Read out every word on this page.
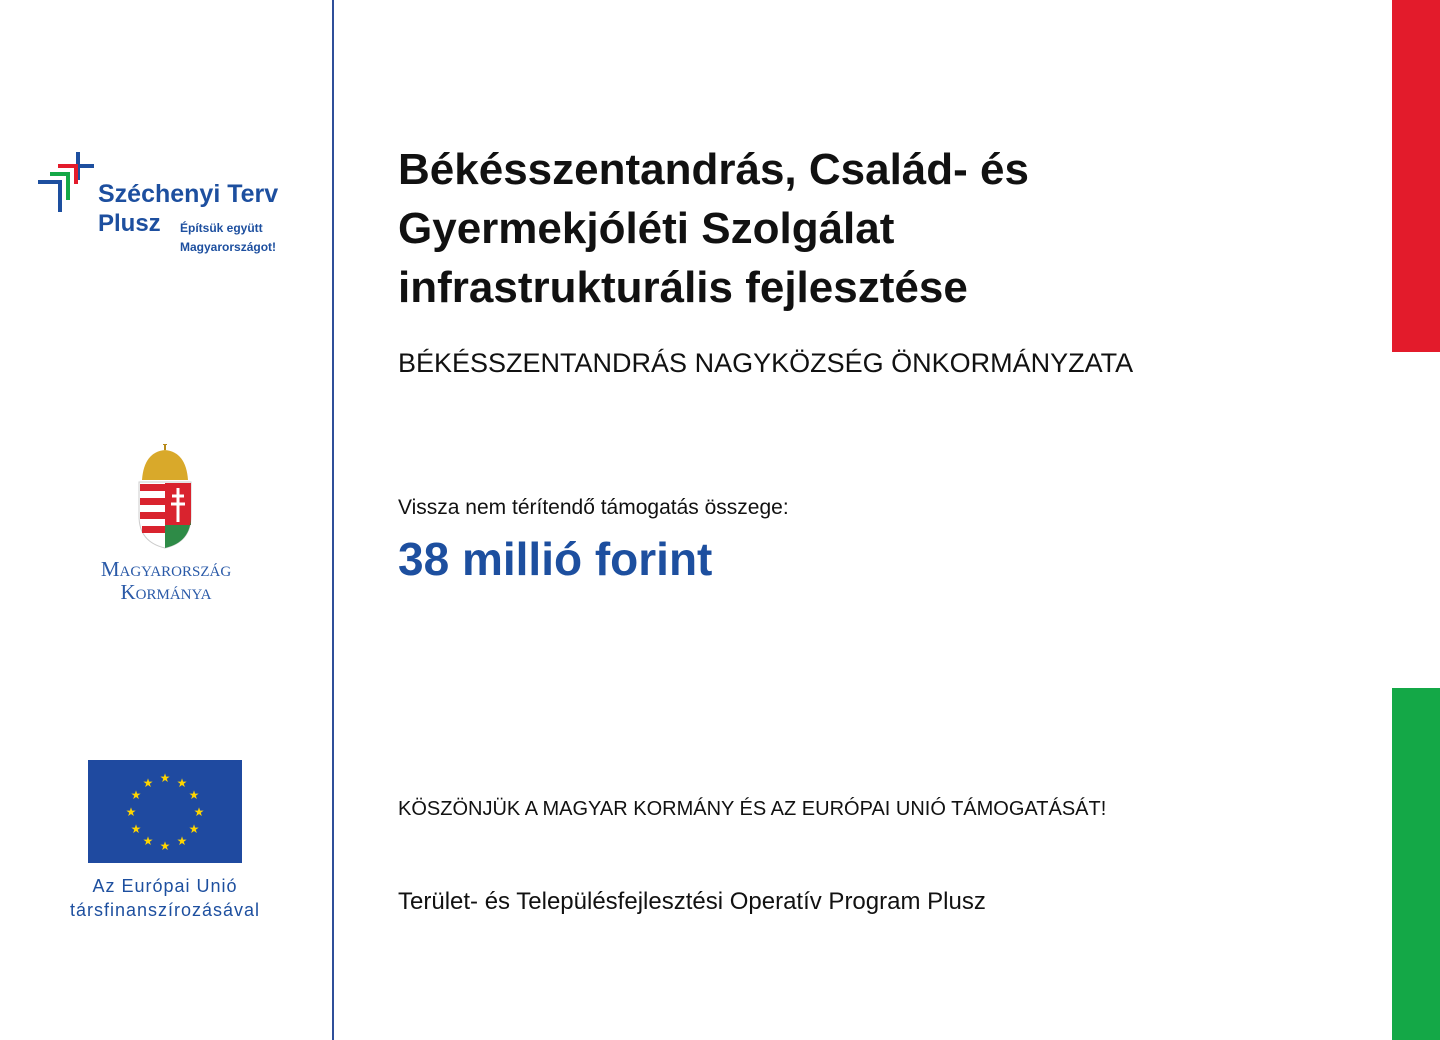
Széchenyi Terv
Plusz Építsük együtt
Magyarországot!
Magyarország
Kormánya
★ ★
★
★
★
★
★
★
★
★
★
★
Az Európai Unió
társfinanszírozásával
Békésszentandrás, Család- és
Gyermekjóléti Szolgálat
infrastrukturális fejlesztése
BÉKÉSSZENTANDRÁS NAGYKÖZSÉG ÖNKORMÁNYZATA
Vissza nem térítendő támogatás összege:
38 millió forint
KÖSZÖNJÜK A MAGYAR KORMÁNY ÉS AZ EURÓPAI UNIÓ TÁMOGATÁSÁT!
Terület- és Településfejlesztési Operatív Program Plusz
